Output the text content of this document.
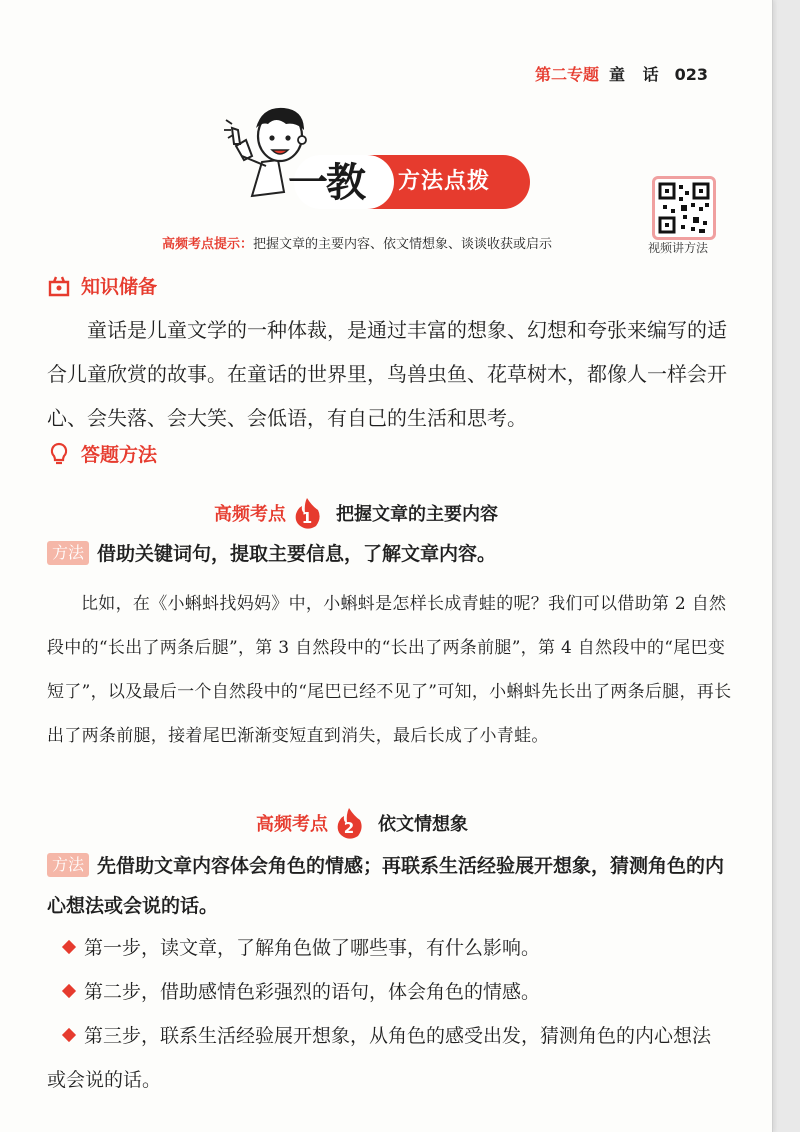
第二专题 童 话 023
一教 方法点拨
视频讲方法
高频考点提示：把握文章的主要内容、依文情想象、谈谈收获或启示
知识储备
童话是儿童文学的一种体裁，是通过丰富的想象、幻想和夸张来编写的适合儿童欣赏的故事。在童话的世界里，鸟兽虫鱼、花草树木，都像人一样会开心、会失落、会大笑、会低语，有自己的生活和思考。
答题方法
高频考点 1 把握文章的主要内容
方法 借助关键词句，提取主要信息，了解文章内容。
比如，在《小蝌蚪找妈妈》中，小蝌蚪是怎样长成青蛙的呢？我们可以借助第 2 自然段中的“长出了两条后腿”，第 3 自然段中的“长出了两条前腿”，第 4 自然段中的“尾巴变短了”，以及最后一个自然段中的“尾巴已经不见了”可知，小蝌蚪先长出了两条后腿，再长出了两条前腿，接着尾巴渐渐变短直到消失，最后长成了小青蛙。
高频考点 2 依文情想象
方法 先借助文章内容体会角色的情感；再联系生活经验展开想象，猜测角色的内心想法或会说的话。
第一步，读文章，了解角色做了哪些事，有什么影响。
第二步，借助感情色彩强烈的语句，体会角色的情感。
第三步，联系生活经验展开想象，从角色的感受出发，猜测角色的内心想法或会说的话。
